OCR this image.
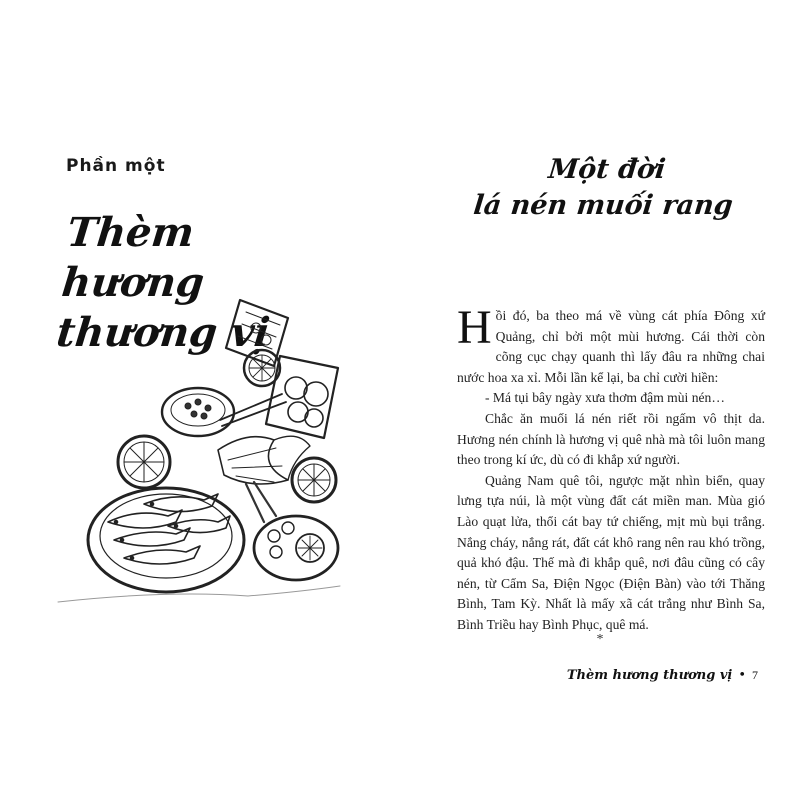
Phần một
Thèm hương
thương vị
Một đời
lá nén muối rang

Hồi đó, ba theo má về vùng cát phía Đông xứ Quảng, chỉ bởi một mùi hương. Cái thời còn cõng cục chạy quanh thì lấy đâu ra những chai nước hoa xa xỉ. Mỗi lần kể lại, ba chỉ cười hiền:

- Má tụi bây ngày xưa thơm đậm mùi nén…

Chắc ăn muối lá nén riết rồi ngấm vô thịt da. Hương nén chính là hương vị quê nhà mà tôi luôn mang theo trong kí ức, dù có đi khắp xứ người.

Quảng Nam quê tôi, ngược mặt nhìn biển, quay lưng tựa núi, là một vùng đất cát miền man. Mùa gió Lào quạt lửa, thổi cát bay tứ chiếng, mịt mù bụi trắng. Nắng cháy, nắng rát, đất cát khô rang nên rau khó trồng, quả khó đậu. Thế mà đi khắp quê, nơi đâu cũng có cây nén, từ Cẩm Sa, Điện Ngọc (Điện Bàn) vào tới Thăng Bình, Tam Kỳ. Nhất là mấy xã cát trắng như Bình Sa, Bình Triều hay Bình Phục, quê má.

*
Thèm hương thương vị • 7
